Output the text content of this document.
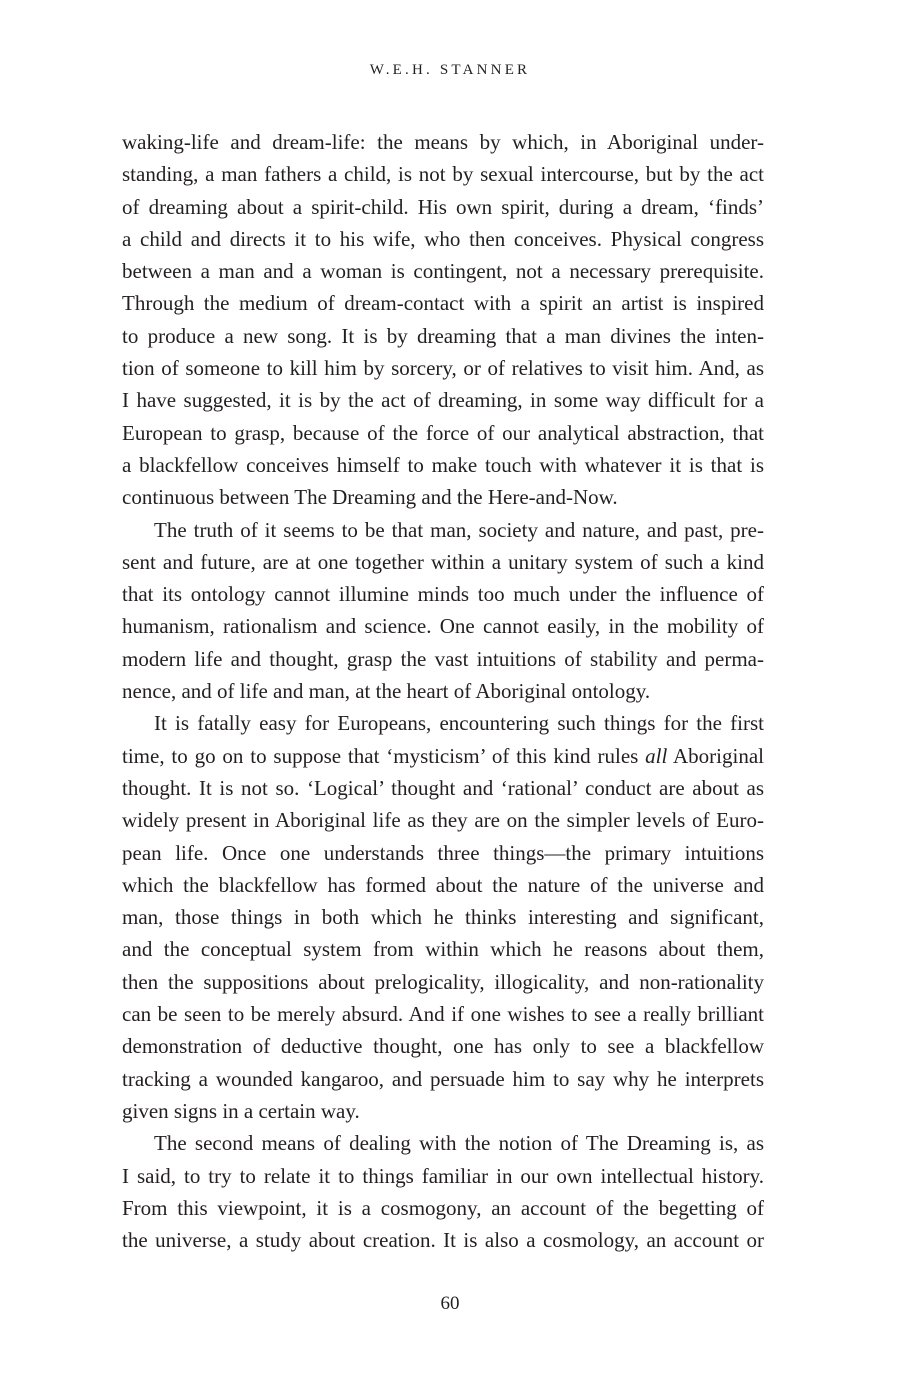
W.E.H. STANNER
waking-life and dream-life: the means by which, in Aboriginal under-
standing, a man fathers a child, is not by sexual intercourse, but by the act
of dreaming about a spirit-child. His own spirit, during a dream, ‘finds’
a child and directs it to his wife, who then conceives. Physical congress
between a man and a woman is contingent, not a necessary prerequisite.
Through the medium of dream-contact with a spirit an artist is inspired
to produce a new song. It is by dreaming that a man divines the inten-
tion of someone to kill him by sorcery, or of relatives to visit him. And, as
I have suggested, it is by the act of dreaming, in some way difficult for a
European to grasp, because of the force of our analytical abstraction, that
a blackfellow conceives himself to make touch with whatever it is that is
continuous between The Dreaming and the Here-and-Now.
The truth of it seems to be that man, society and nature, and past, pre-
sent and future, are at one together within a unitary system of such a kind
that its ontology cannot illumine minds too much under the influence of
humanism, rationalism and science. One cannot easily, in the mobility of
modern life and thought, grasp the vast intuitions of stability and perma-
nence, and of life and man, at the heart of Aboriginal ontology.
It is fatally easy for Europeans, encountering such things for the first
time, to go on to suppose that ‘mysticism’ of this kind rules all Aboriginal
thought. It is not so. ‘Logical’ thought and ‘rational’ conduct are about as
widely present in Aboriginal life as they are on the simpler levels of Euro-
pean life. Once one understands three things—the primary intuitions
which the blackfellow has formed about the nature of the universe and
man, those things in both which he thinks interesting and significant,
and the conceptual system from within which he reasons about them,
then the suppositions about prelogicality, illogicality, and non-rationality
can be seen to be merely absurd. And if one wishes to see a really brilliant
demonstration of deductive thought, one has only to see a blackfellow
tracking a wounded kangaroo, and persuade him to say why he interprets
given signs in a certain way.
The second means of dealing with the notion of The Dreaming is, as
I said, to try to relate it to things familiar in our own intellectual history.
From this viewpoint, it is a cosmogony, an account of the begetting of
the universe, a study about creation. It is also a cosmology, an account or
60
